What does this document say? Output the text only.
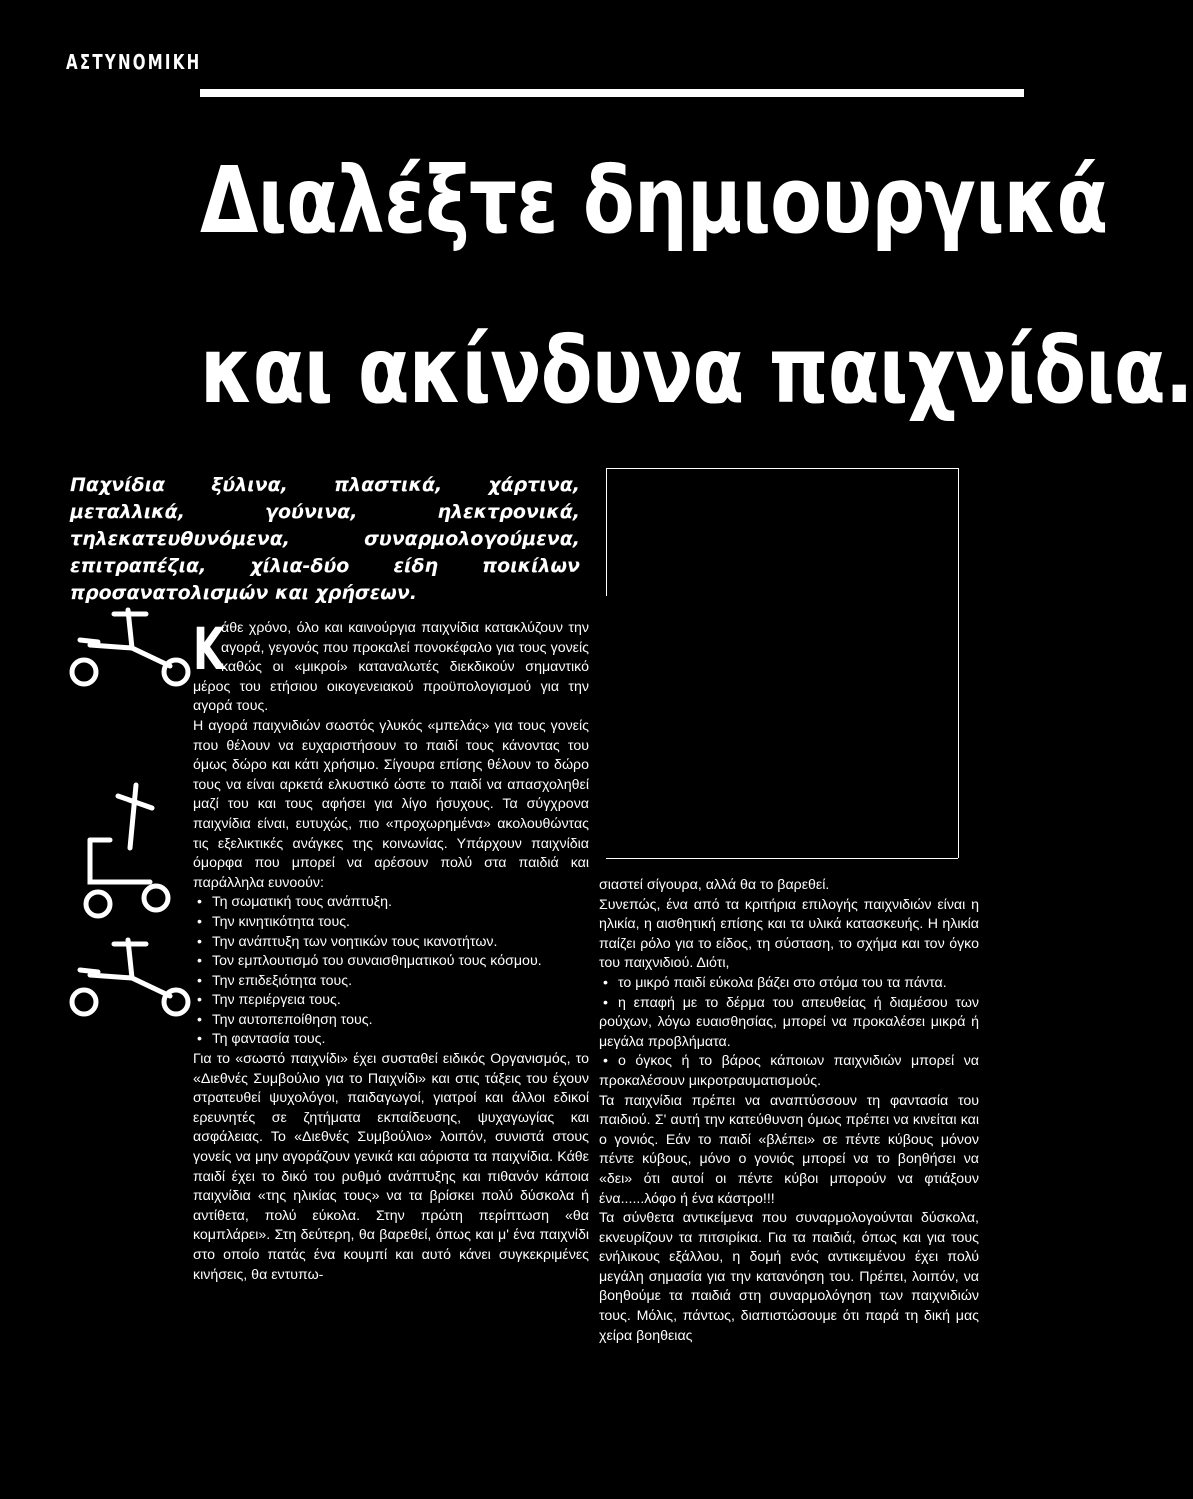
ΑΣΤΥΝΟΜΙΚΗ
Διαλέξτε δημιουργικά
και ακίνδυνα παιχνίδια.
Παχνίδια ξύλινα, πλαστικά, χάρτινα, μεταλλικά, γούνινα, ηλεκτρονικά, τηλεκατευθυνόμενα, συναρμολογούμενα, επιτραπέζια, χίλια-δύο είδη ποικίλων προσανατολισμών και χρήσεων.

Κ
άθε χρόνο, όλο και καινούργια παιχνίδια κατακλύζουν την αγορά, γεγονός που προκαλεί πονοκέφαλο για τους γονείς καθώς οι «μικροί» καταναλωτές διεκδικούν σημαντικό μέρος του ετήσιου οικογενειακού προϋπολογισμού για την αγορά τους.

Η αγορά παιχνιδιών σωστός γλυκός «μπελάς» για τους γονείς που θέλουν να ευχαριστήσουν το παιδί τους κάνοντας του όμως δώρο και κάτι χρήσιμο. Σίγουρα επίσης θέλουν το δώρο τους να είναι αρκετά ελκυστικό ώστε το παιδί να απασχοληθεί μαζί του και τους αφήσει για λίγο ήσυχους. Τα σύγχρονα παιχνίδια είναι, ευτυχώς, πιο «προχωρημένα» ακολουθώντας τις εξελικτικές ανάγκες της κοινωνίας. Υπάρχουν παιχνίδια όμορφα που μπορεί να αρέσουν πολύ στα παιδιά και παράλληλα ευνοούν:

• Τη σωματική τους ανάπτυξη.

• Την κινητικότητα τους.

• Την ανάπτυξη των νοητικών τους ικανοτήτων.

• Τον εμπλουτισμό του συναισθηματικού τους κόσμου.

• Την επιδεξιότητα τους.

• Την περιέργεια τους.

• Την αυτοπεποίθηση τους.

• Τη φαντασία τους.

Για το «σωστό παιχνίδι» έχει συσταθεί ειδικός Οργανισμός, το «Διεθνές Συμβούλιο για το Παιχνίδι» και στις τάξεις του έχουν στρατευθεί ψυχολόγοι, παιδαγωγοί, γιατροί και άλλοι εδικοί ερευνητές σε ζητήματα εκπαίδευσης, ψυχαγωγίας και ασφάλειας. Το «Διεθνές Συμβούλιο» λοιπόν, συνιστά στους γονείς να μην αγοράζουν γενικά και αόριστα τα παιχνίδια. Κάθε παιδί έχει το δικό του ρυθμό ανάπτυξης και πιθανόν κάποια παιχνίδια «της ηλικίας τους» να τα βρίσκει πολύ δύσκολα ή αντίθετα, πολύ εύκολα. Στην πρώτη περίπτωση «θα κομπλάρει». Στη δεύτερη, θα βαρεθεί, όπως και μ' ένα παιχνίδι στο οποίο πατάς ένα κουμπί και αυτό κάνει συγκεκριμένες κινήσεις, θα εντυπω-

σιαστεί σίγουρα, αλλά θα το βαρεθεί.

Συνεπώς, ένα από τα κριτήρια επιλογής παιχνιδιών είναι η ηλικία, η αισθητική επίσης και τα υλικά κατασκευής. Η ηλικία παίζει ρόλο για το είδος, τη σύσταση, το σχήμα και τον όγκο του παιχνιδιού. Διότι,

• το μικρό παιδί εύκολα βάζει στο στόμα του τα πάντα.

• η επαφή με το δέρμα του απευθείας ή διαμέσου των ρούχων, λόγω ευαισθησίας, μπορεί να προκαλέσει μικρά ή μεγάλα προβλήματα.

• ο όγκος ή το βάρος κάποιων παιχνιδιών μπορεί να προκαλέσουν μικροτραυματισμούς.

Τα παιχνίδια πρέπει να αναπτύσσουν τη φαντασία του παιδιού. Σ' αυτή την κατεύθυνση όμως πρέπει να κινείται και ο γονιός. Εάν το παιδί «βλέπει» σε πέντε κύβους μόνον πέντε κύβους, μόνο ο γονιός μπορεί να το βοηθήσει να «δει» ότι αυτοί οι πέντε κύβοι μπορούν να φτιάξουν ένα......λόφο ή ένα κάστρο!!!

Τα σύνθετα αντικείμενα που συναρμολογούνται δύσκολα, εκνευρίζουν τα πιτσιρίκια. Για τα παιδιά, όπως και για τους ενήλικους εξάλλου, η δομή ενός αντικειμένου έχει πολύ μεγάλη σημασία για την κατανόηση του. Πρέπει, λοιπόν, να βοηθούμε τα παιδιά στη συναρμολόγηση των παιχνιδιών τους. Μόλις, πάντως, διαπιστώσουμε ότι παρά τη δική μας χείρα βοηθειας
